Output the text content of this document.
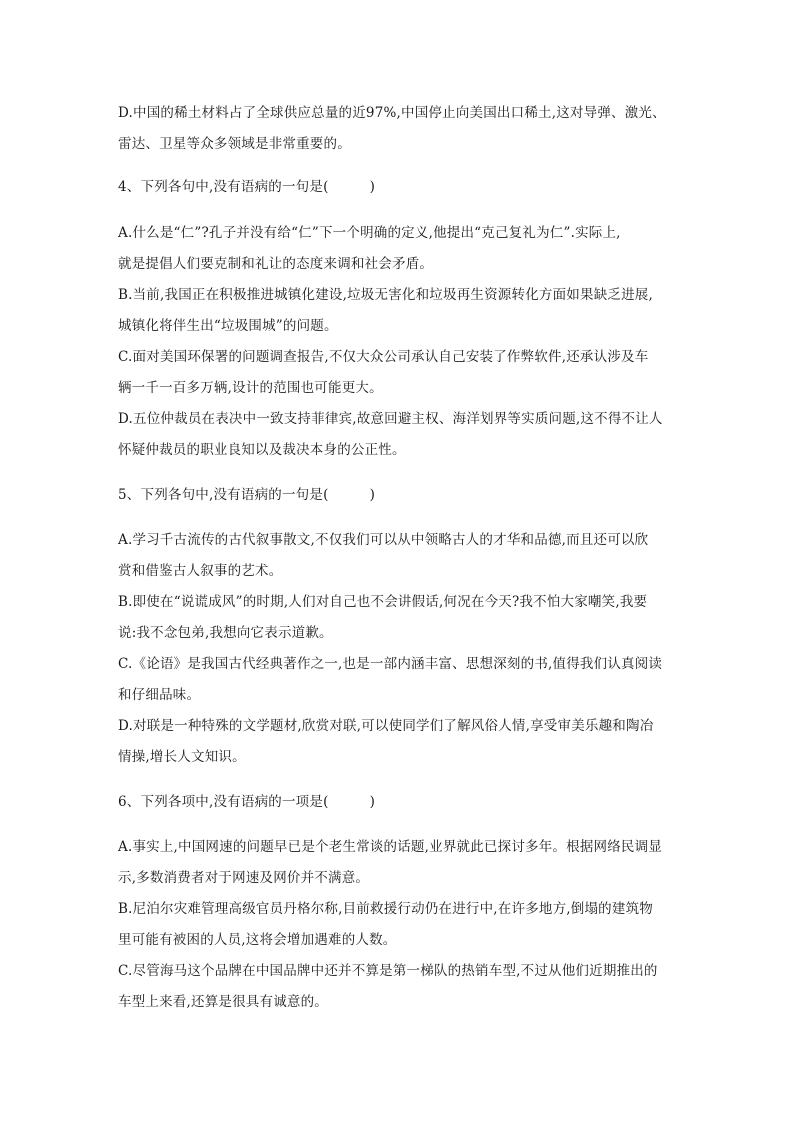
D.中国的稀土材料占了全球供应总量的近97%,中国停止向美国出口稀土,这对导弹、激光、
雷达、卫星等众多领域是非常重要的。
4、下列各句中,没有语病的一句是(　　　)
A.什么是“仁”?孔子并没有给“仁”下一个明确的定义,他提出“克己复礼为仁”.实际上,
就是提倡人们要克制和礼让的态度来调和社会矛盾。
B.当前,我国正在积极推进城镇化建设,垃圾无害化和垃圾再生资源转化方面如果缺乏进展,
城镇化将伴生出“垃圾围城”的问题。
C.面对美国环保署的问题调查报告,不仅大众公司承认自己安装了作弊软件,还承认涉及车
辆一千一百多万辆,设计的范围也可能更大。
D.五位仲裁员在表决中一致支持菲律宾,故意回避主权、海洋划界等实质问题,这不得不让人
怀疑仲裁员的职业良知以及裁决本身的公正性。
5、下列各句中,没有语病的一句是(　　　)
A.学习千古流传的古代叙事散文,不仅我们可以从中领略古人的才华和品德,而且还可以欣
赏和借鉴古人叙事的艺术。
B.即使在“说谎成风”的时期,人们对自己也不会讲假话,何况在今天?我不怕大家嘲笑,我要
说:我不念包弟,我想向它表示道歉。
C.《论语》是我国古代经典著作之一,也是一部内涵丰富、思想深刻的书,值得我们认真阅读
和仔细品味。
D.对联是一种特殊的文学题材,欣赏对联,可以使同学们了解风俗人情,享受审美乐趣和陶冶
情操,增长人文知识。
6、下列各项中,没有语病的一项是(　　　)
A.事实上,中国网速的问题早已是个老生常谈的话题,业界就此已探讨多年。根据网络民调显
示,多数消费者对于网速及网价并不满意。
B.尼泊尔灾难管理高级官员丹格尔称,目前救援行动仍在进行中,在许多地方,倒塌的建筑物
里可能有被困的人员,这将会增加遇难的人数。
C.尽管海马这个品牌在中国品牌中还并不算是第一梯队的热销车型,不过从他们近期推出的
车型上来看,还算是很具有诚意的。
